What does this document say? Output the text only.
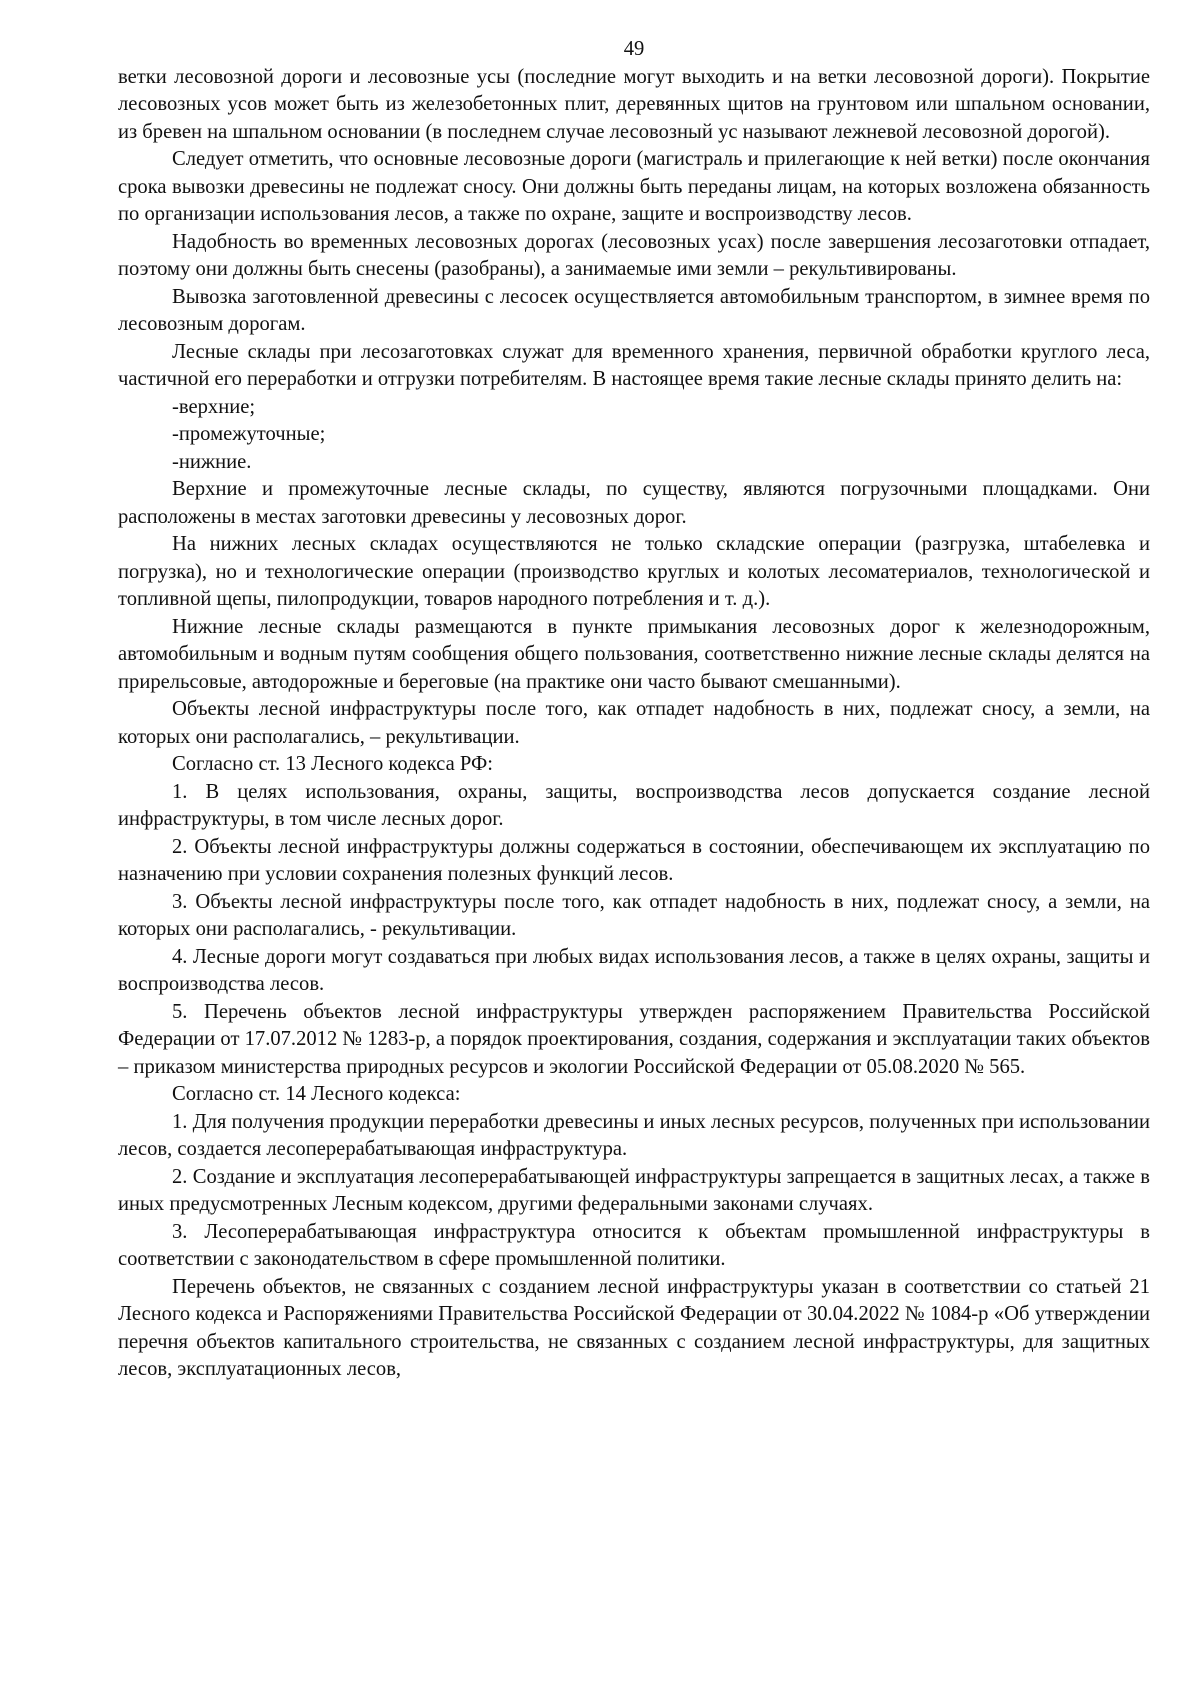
49

ветки лесовозной дороги и лесовозные усы (последние могут выходить и на ветки лесовозной дороги). Покрытие лесовозных усов может быть из железобетонных плит, деревянных щитов на грунтовом или шпальном основании, из бревен на шпальном основании (в последнем случае лесовозный ус называют лежневой лесовозной дорогой).

Следует отметить, что основные лесовозные дороги (магистраль и прилегающие к ней ветки) после окончания срока вывозки древесины не подлежат сносу. Они должны быть переданы лицам, на которых возложена обязанность по организации использования лесов, а также по охране, защите и воспроизводству лесов.

Надобность во временных лесовозных дорогах (лесовозных усах) после завершения лесозаготовки отпадает, поэтому они должны быть снесены (разобраны), а занимаемые ими земли – рекультивированы.

Вывозка заготовленной древесины с лесосек осуществляется автомобильным транспортом, в зимнее время по лесовозным дорогам.

Лесные склады при лесозаготовках служат для временного хранения, первичной обработки круглого леса, частичной его переработки и отгрузки потребителям. В настоящее время такие лесные склады принято делить на:

-верхние;

-промежуточные;

-нижние.

Верхние и промежуточные лесные склады, по существу, являются погрузочными площадками. Они расположены в местах заготовки древесины у лесовозных дорог.

На нижних лесных складах осуществляются не только складские операции (разгрузка, штабелевка и погрузка), но и технологические операции (производство круглых и колотых лесоматериалов, технологической и топливной щепы, пилопродукции, товаров народного потребления и т. д.).

Нижние лесные склады размещаются в пункте примыкания лесовозных дорог к железнодорожным, автомобильным и водным путям сообщения общего пользования, соответственно нижние лесные склады делятся на прирельсовые, автодорожные и береговые (на практике они часто бывают смешанными).

Объекты лесной инфраструктуры после того, как отпадет надобность в них, подлежат сносу, а земли, на которых они располагались, – рекультивации.

Согласно ст. 13 Лесного кодекса РФ:

1. В целях использования, охраны, защиты, воспроизводства лесов допускается создание лесной инфраструктуры, в том числе лесных дорог.

2. Объекты лесной инфраструктуры должны содержаться в состоянии, обеспечивающем их эксплуатацию по назначению при условии сохранения полезных функций лесов.

3. Объекты лесной инфраструктуры после того, как отпадет надобность в них, подлежат сносу, а земли, на которых они располагались, - рекультивации.

4. Лесные дороги могут создаваться при любых видах использования лесов, а также в целях охраны, защиты и воспроизводства лесов.

5. Перечень объектов лесной инфраструктуры утвержден распоряжением Правительства Российской Федерации от 17.07.2012 № 1283-р, а порядок проектирования, создания, содержания и эксплуатации таких объектов – приказом министерства природных ресурсов и экологии Российской Федерации от 05.08.2020 № 565.

Согласно ст. 14 Лесного кодекса:

1. Для получения продукции переработки древесины и иных лесных ресурсов, полученных при использовании лесов, создается лесоперерабатывающая инфраструктура.

2. Создание и эксплуатация лесоперерабатывающей инфраструктуры запрещается в защитных лесах, а также в иных предусмотренных Лесным кодексом, другими федеральными законами случаях.

3. Лесоперерабатывающая инфраструктура относится к объектам промышленной инфраструктуры в соответствии с законодательством в сфере промышленной политики.

Перечень объектов, не связанных с созданием лесной инфраструктуры указан в соответствии со статьей 21 Лесного кодекса и Распоряжениями Правительства Российской Федерации от 30.04.2022 № 1084-р «Об утверждении перечня объектов капитального строительства, не связанных с созданием лесной инфраструктуры, для защитных лесов, эксплуатационных лесов,
